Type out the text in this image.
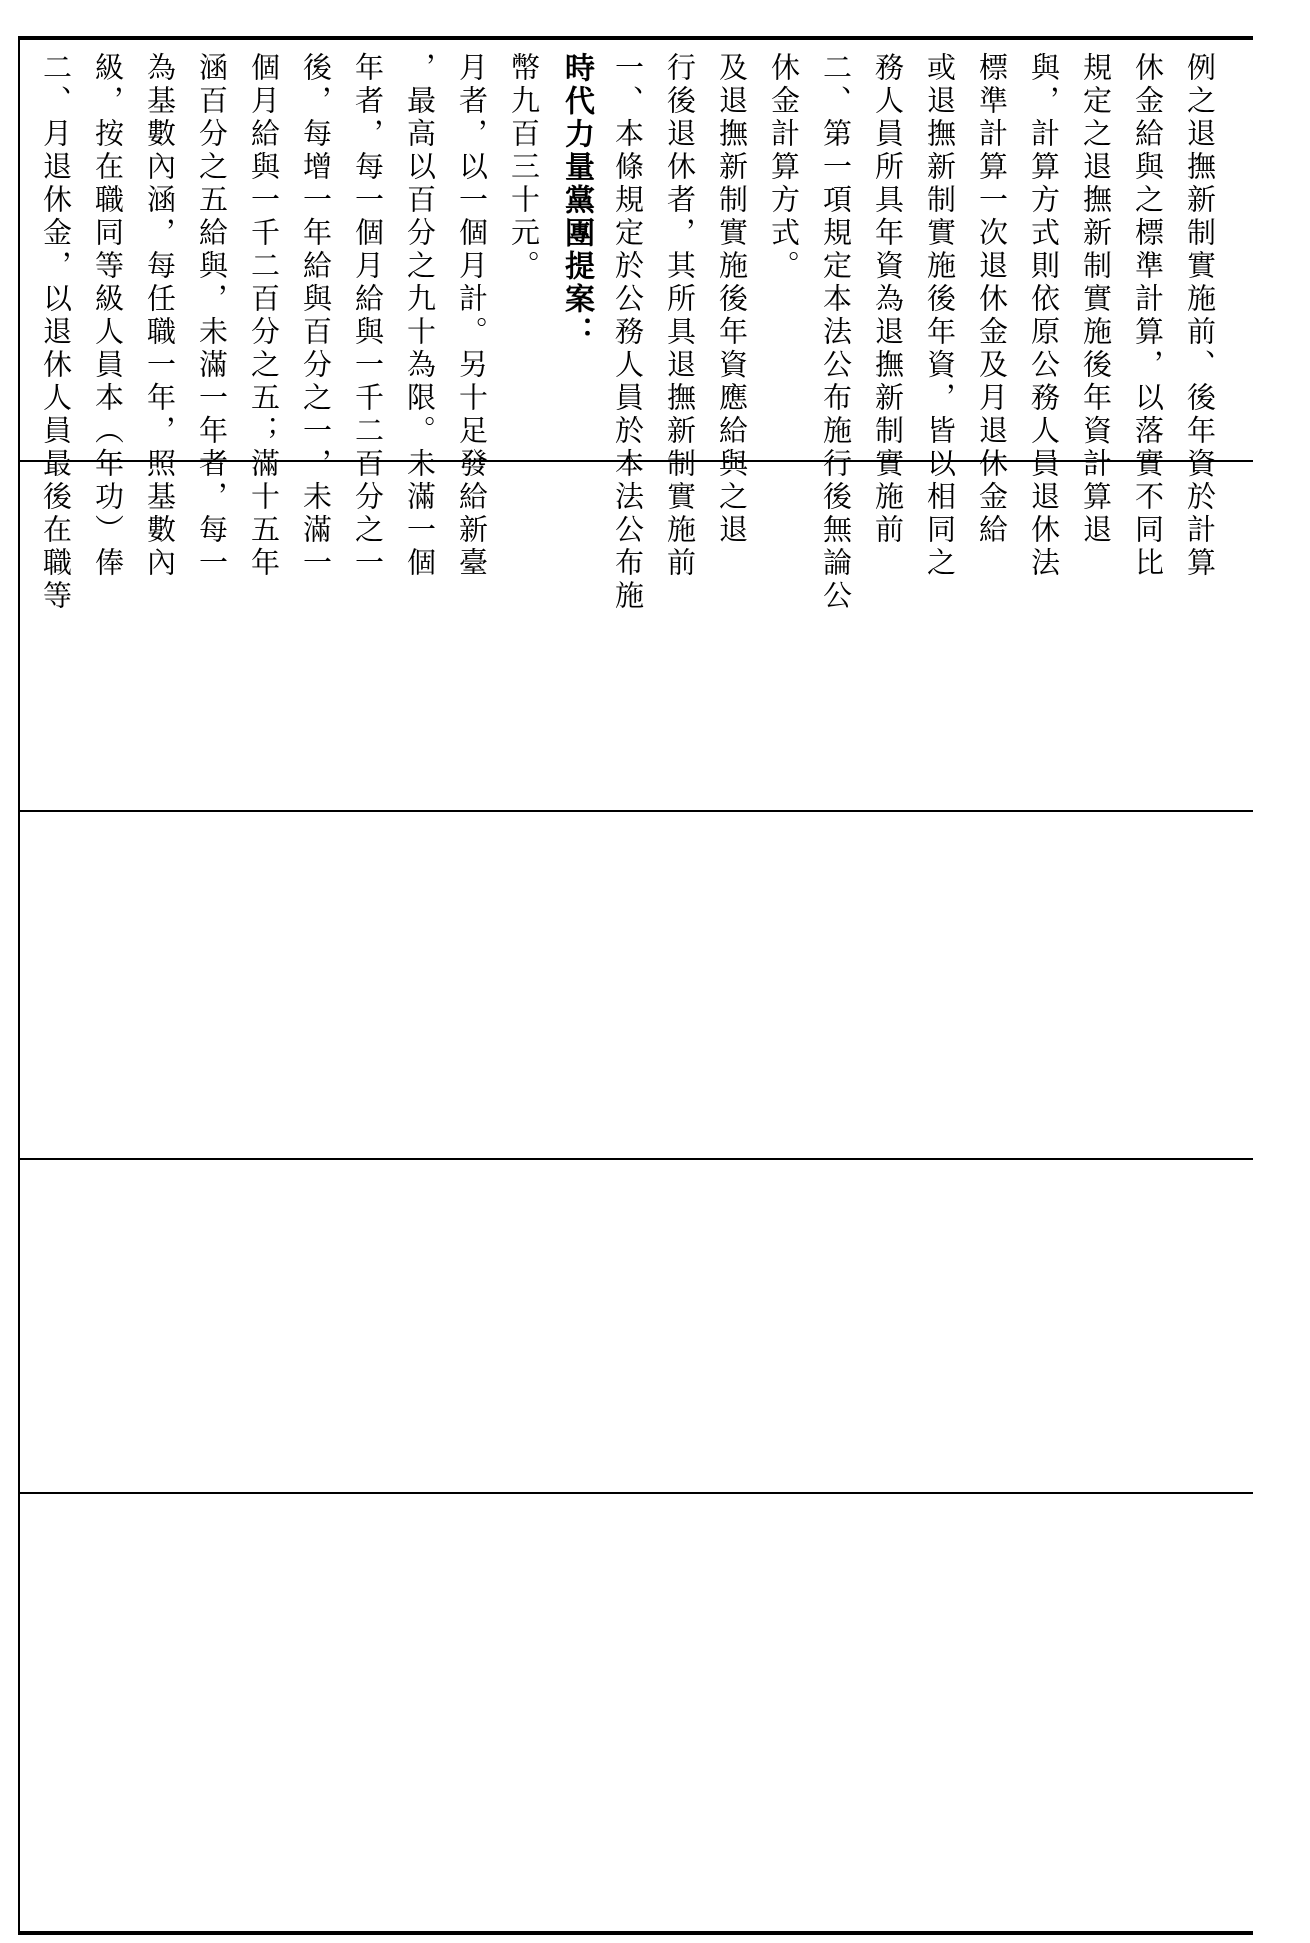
二、月退休金，以退休人員最後在職等 級，按在職同等級人員本（年功）俸 為基數內涵，每任職一年，照基數內 涵百分之五給與，未滿一年者，每一 個月給與一千二百分之五；滿十五年 後，每增一年給與百分之一，未滿一 年者，每一個月給與一千二百分之一 ，最高以百分之九十為限。未滿一個 月者，以一個月計。另十足發給新臺 幣九百三十元。 時代力量黨團提案： 一、本條規定於公務人員於本法公布施 行後退休者，其所具退撫新制實施前 及退撫新制實施後年資應給與之退 休金計算方式。 二、第一項規定本法公布施行後無論公 務人員所具年資為退撫新制實施前 或退撫新制實施後年資，皆以相同之 標準計算一次退休金及月退休金給 與，計算方式則依原公務人員退休法 規定之退撫新制實施後年資計算退 休金給與之標準計算，以落實不同比 例之退撫新制實施前、後年資於計算
